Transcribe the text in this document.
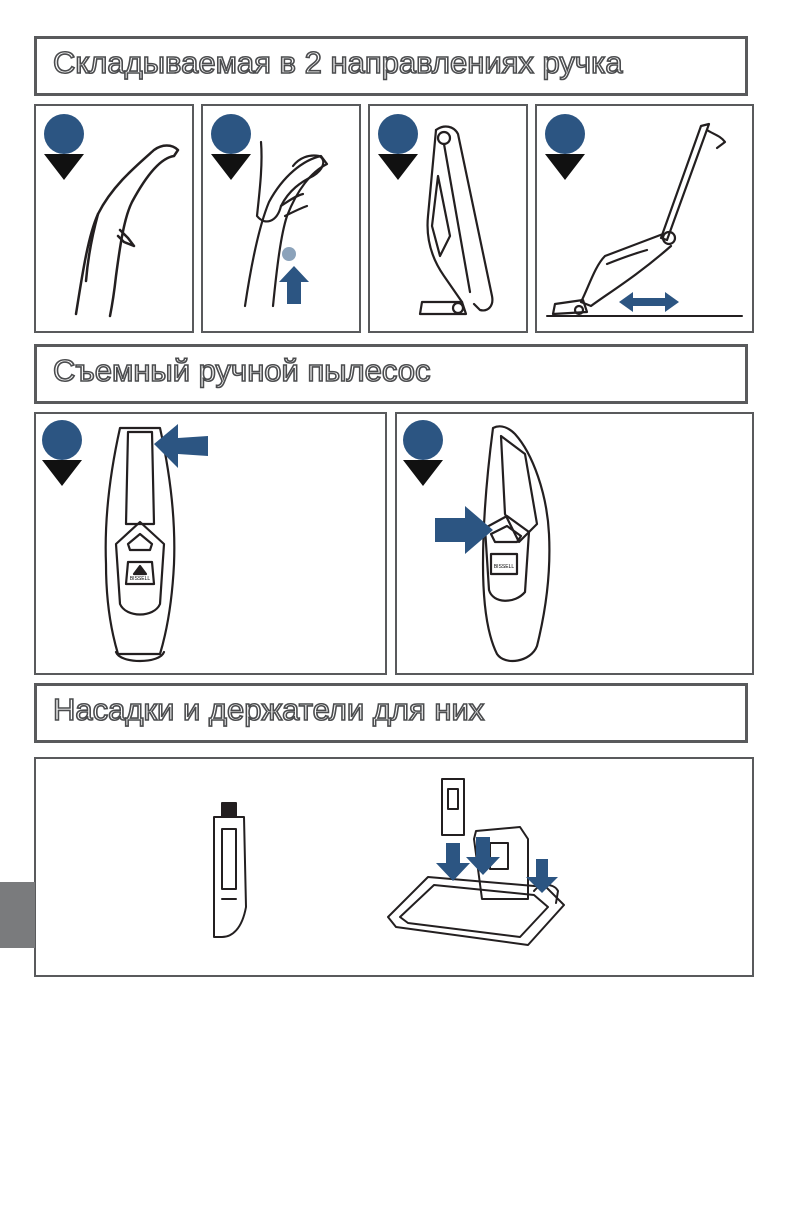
Складываемая в 2 направлениях ручка
Съемный ручной пылесос
BISSELL
BISSELL
Насадки и держатели для них
